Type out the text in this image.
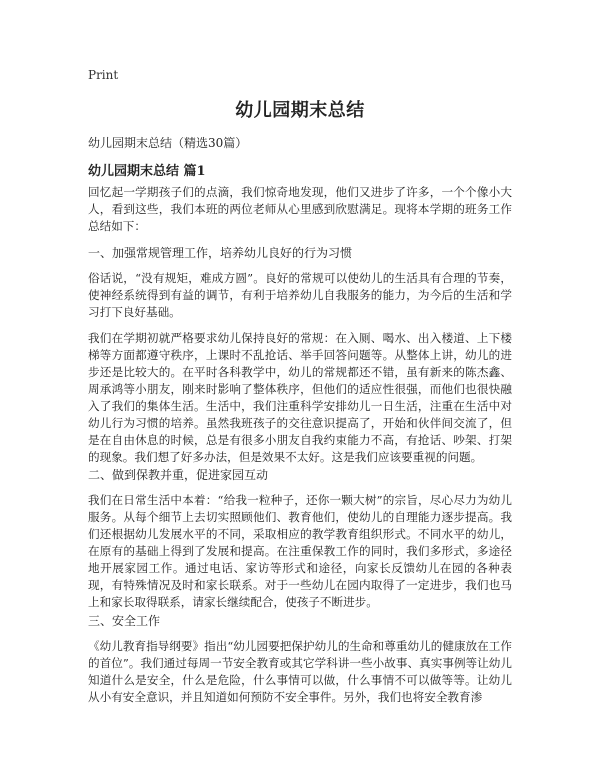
Print
幼儿园期末总结
幼儿园期末总结（精选30篇）
幼儿园期末总结 篇1

回忆起一学期孩子们的点滴，我们惊奇地发现，他们又进步了许多，一个个像小大人，看到这些，我们本班的两位老师从心里感到欣慰满足。现将本学期的班务工作总结如下：

一、加强常规管理工作，培养幼儿良好的行为习惯

俗话说，“没有规矩，难成方圆”。良好的常规可以使幼儿的生活具有合理的节奏，使神经系统得到有益的调节，有利于培养幼儿自我服务的能力，为今后的生活和学习打下良好基础。

我们在学期初就严格要求幼儿保持良好的常规：在入厕、喝水、出入楼道、上下楼梯等方面都遵守秩序，上课时不乱抢话、举手回答问题等。从整体上讲，幼儿的进步还是比较大的。在平时各科教学中，幼儿的常规都还不错，虽有新来的陈杰鑫、周承鸿等小朋友，刚来时影响了整体秩序，但他们的适应性很强，而他们也很快融入了我们的集体生活。生活中，我们注重科学安排幼儿一日生活，注重在生活中对幼儿行为习惯的培养。虽然我班孩子的交往意识提高了，开始和伙伴间交流了，但是在自由休息的时候，总是有很多小朋友自我约束能力不高，有抢话、吵架、打架的现象。我们想了好多办法，但是效果不太好。这是我们应该要重视的问题。

二、做到保教并重，促进家园互动

我们在日常生活中本着：“给我一粒种子，还你一颗大树”的宗旨，尽心尽力为幼儿服务。从每个细节上去切实照顾他们、教育他们，使幼儿的自理能力逐步提高。我们还根据幼儿发展水平的不同，采取相应的教学教育组织形式。不同水平的幼儿，在原有的基础上得到了发展和提高。在注重保教工作的同时，我们多形式，多途径地开展家园工作。通过电话、家访等形式和途径，向家长反馈幼儿在园的各种表现，有特殊情况及时和家长联系。对于一些幼儿在园内取得了一定进步，我们也马上和家长取得联系，请家长继续配合，使孩子不断进步。

三、安全工作

《幼儿教育指导纲要》指出“幼儿园要把保护幼儿的生命和尊重幼儿的健康放在工作的首位”。我们通过每周一节安全教育或其它学科讲一些小故事、真实事例等让幼儿知道什么是安全，什么是危险，什么事情可以做，什么事情不可以做等等。让幼儿从小有安全意识，并且知道如何预防不安全事件。另外，我们也将安全教育渗
